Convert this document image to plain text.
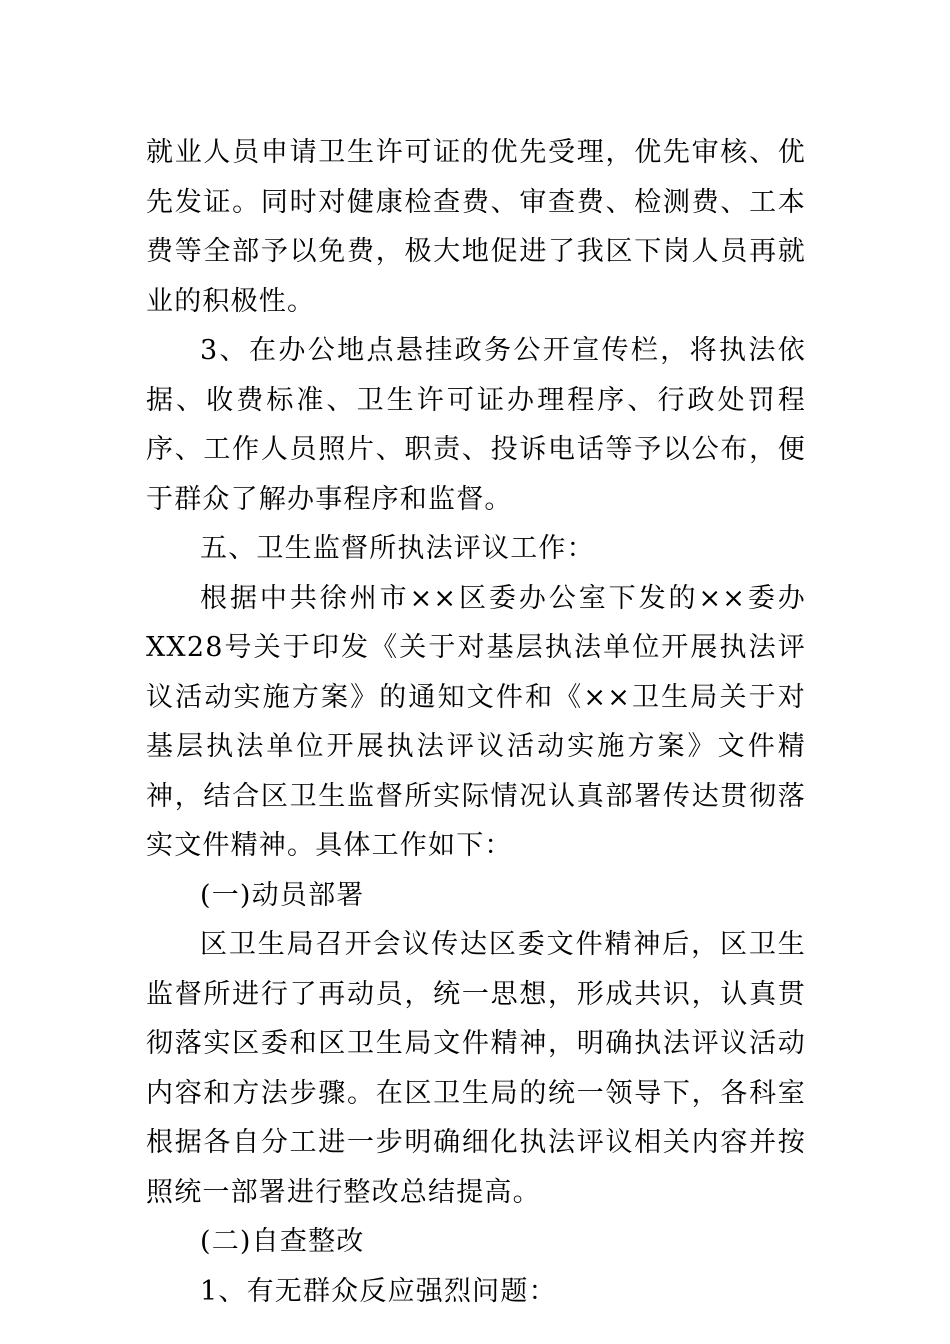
就业人员申请卫生许可证的优先受理，优先审核、优先发证。同时对健康检查费、审查费、检测费、工本费等全部予以免费，极大地促进了我区下岗人员再就业的积极性。

3、在办公地点悬挂政务公开宣传栏，将执法依据、收费标准、卫生许可证办理程序、行政处罚程序、工作人员照片、职责、投诉电话等予以公布，便于群众了解办事程序和监督。

五、卫生监督所执法评议工作：

根据中共徐州市××区委办公室下发的××委办XX28号关于印发《关于对基层执法单位开展执法评议活动实施方案》的通知文件和《××卫生局关于对基层执法单位开展执法评议活动实施方案》文件精神，结合区卫生监督所实际情况认真部署传达贯彻落实文件精神。具体工作如下：

(一)动员部署

区卫生局召开会议传达区委文件精神后，区卫生监督所进行了再动员，统一思想，形成共识，认真贯彻落实区委和区卫生局文件精神，明确执法评议活动内容和方法步骤。在区卫生局的统一领导下，各科室根据各自分工进一步明确细化执法评议相关内容并按照统一部署进行整改总结提高。

(二)自查整改

1、有无群众反应强烈问题：
